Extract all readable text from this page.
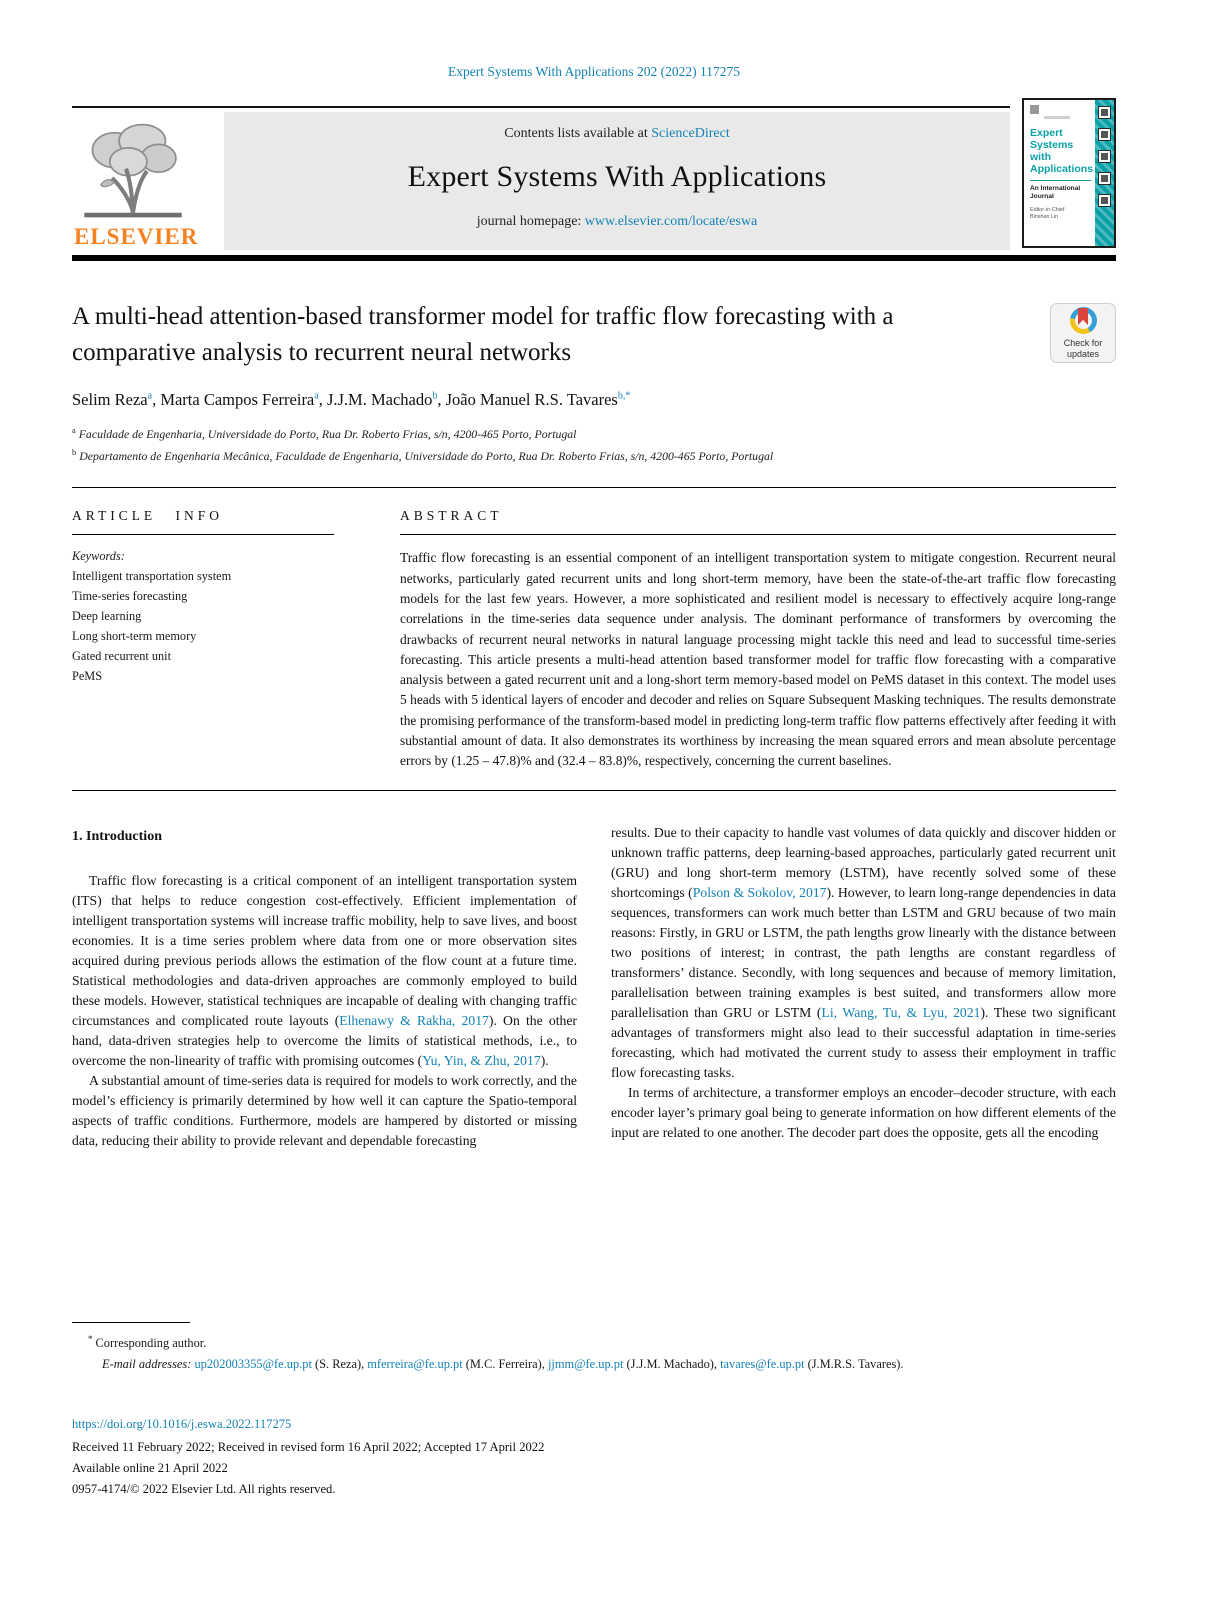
Expert Systems With Applications 202 (2022) 117275
ELSEVIER
Contents lists available at ScienceDirect
Expert Systems With Applications
journal homepage: www.elsevier.com/locate/eswa
Expert Systems with Applications
An International Journal
Editor-in-Chief
Binshan Lin
A multi-head attention-based transformer model for traffic flow forecasting with a comparative analysis to recurrent neural networks	Check for
updates
Selim Reza$^a$, Marta Campos Ferreira$^a$, J.J.M. Machado$^b$, João Manuel R.S. Tavares$^{b,*}$
$^a$ Faculdade de Engenharia, Universidade do Porto, Rua Dr. Roberto Frias, s/n, 4200-465 Porto, Portugal
$^b$ Departamento de Engenharia Mecânica, Faculdade de Engenharia, Universidade do Porto, Rua Dr. Roberto Frias, s/n, 4200-465 Porto, Portugal
ARTICLE INFO
Keywords:
Intelligent transportation system
Time-series forecasting
Deep learning
Long short-term memory
Gated recurrent unit
PeMS
ABSTRACT
Traffic flow forecasting is an essential component of an intelligent transportation system to mitigate congestion. Recurrent neural networks, particularly gated recurrent units and long short-term memory, have been the state-of-the-art traffic flow forecasting models for the last few years. However, a more sophisticated and resilient model is necessary to effectively acquire long-range correlations in the time-series data sequence under analysis. The dominant performance of transformers by overcoming the drawbacks of recurrent neural networks in natural language processing might tackle this need and lead to successful time-series forecasting. This article presents a multi-head attention based transformer model for traffic flow forecasting with a comparative analysis between a gated recurrent unit and a long-short term memory-based model on PeMS dataset in this context. The model uses 5 heads with 5 identical layers of encoder and decoder and relies on Square Subsequent Masking techniques. The results demonstrate the promising performance of the transform-based model in predicting long-term traffic flow patterns effectively after feeding it with substantial amount of data. It also demonstrates its worthiness by increasing the mean squared errors and mean absolute percentage errors by (1.25 – 47.8)% and (32.4 – 83.8)%, respectively, concerning the current baselines.
1. Introduction

Traffic flow forecasting is a critical component of an intelligent transportation system (ITS) that helps to reduce congestion cost-effectively. Efficient implementation of intelligent transportation systems will increase traffic mobility, help to save lives, and boost economies. It is a time series problem where data from one or more observation sites acquired during previous periods allows the estimation of the flow count at a future time. Statistical methodologies and data-driven approaches are commonly employed to build these models. However, statistical techniques are incapable of dealing with changing traffic circumstances and complicated route layouts (Elhenawy & Rakha, 2017). On the other hand, data-driven strategies help to overcome the limits of statistical methods, i.e., to overcome the non-linearity of traffic with promising outcomes (Yu, Yin, & Zhu, 2017).

A substantial amount of time-series data is required for models to work correctly, and the model’s efficiency is primarily determined by how well it can capture the Spatio-temporal aspects of traffic conditions. Furthermore, models are hampered by distorted or missing data, reducing their ability to provide relevant and dependable forecasting

results. Due to their capacity to handle vast volumes of data quickly and discover hidden or unknown traffic patterns, deep learning-based approaches, particularly gated recurrent unit (GRU) and long short-term memory (LSTM), have recently solved some of these shortcomings (Polson & Sokolov, 2017). However, to learn long-range dependencies in data sequences, transformers can work much better than LSTM and GRU because of two main reasons: Firstly, in GRU or LSTM, the path lengths grow linearly with the distance between two positions of interest; in contrast, the path lengths are constant regardless of transformers’ distance. Secondly, with long sequences and because of memory limitation, parallelisation between training examples is best suited, and transformers allow more parallelisation than GRU or LSTM (Li, Wang, Tu, & Lyu, 2021). These two significant advantages of transformers might also lead to their successful adaptation in time-series forecasting, which had motivated the current study to assess their employment in traffic flow forecasting tasks.

In terms of architecture, a transformer employs an encoder–decoder structure, with each encoder layer’s primary goal being to generate information on how different elements of the input are related to one another. The decoder part does the opposite, gets all the encoding

* Corresponding author.
E-mail addresses: up202003355@fe.up.pt (S. Reza), mferreira@fe.up.pt (M.C. Ferreira), jjmm@fe.up.pt (J.J.M. Machado), tavares@fe.up.pt (J.M.R.S. Tavares).
https://doi.org/10.1016/j.eswa.2022.117275
Received 11 February 2022; Received in revised form 16 April 2022; Accepted 17 April 2022
Available online 21 April 2022
0957-4174/© 2022 Elsevier Ltd. All rights reserved.
